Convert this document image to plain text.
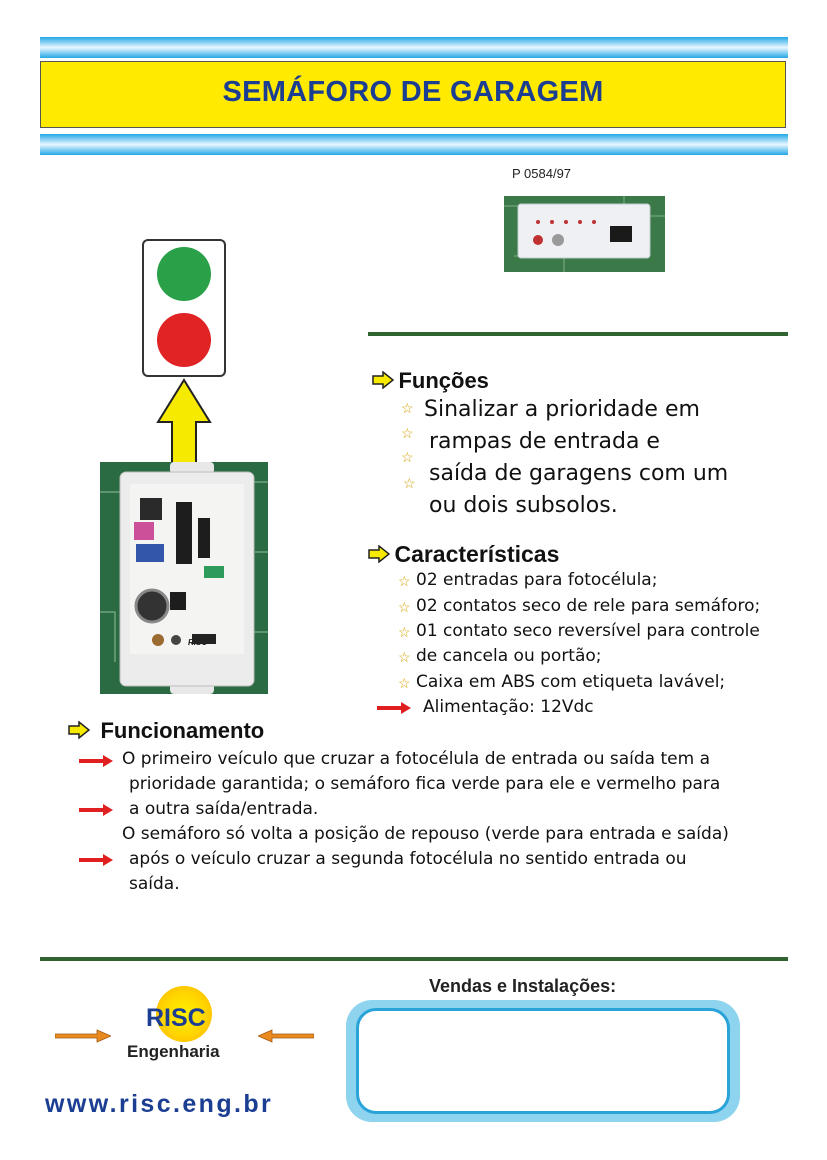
SEMÁFORO DE GARAGEM
P 0584/97
RISC
Funções
☆
☆
☆
☆
Sinalizar a prioridade em
rampas de entrada e
saída de garagens com um
ou dois subsolos.
Características
☆
☆
☆
☆
☆
02 entradas para fotocélula;
02 contatos seco de rele para semáforo;
01 contato seco reversível para controle
de cancela ou portão;
Caixa em ABS com etiqueta lavável;
Alimentação: 12Vdc
Funcionamento
O primeiro veículo que cruzar a fotocélula de entrada ou saída tem a
prioridade garantida; o semáforo fica verde para ele e vermelho para
a outra saída/entrada.
O semáforo só volta a posição de repouso (verde para entrada e saída)
após o veículo cruzar a segunda fotocélula no sentido entrada ou
saída.
RISC
Engenharia
www.risc.eng.br
Vendas e Instalações:
